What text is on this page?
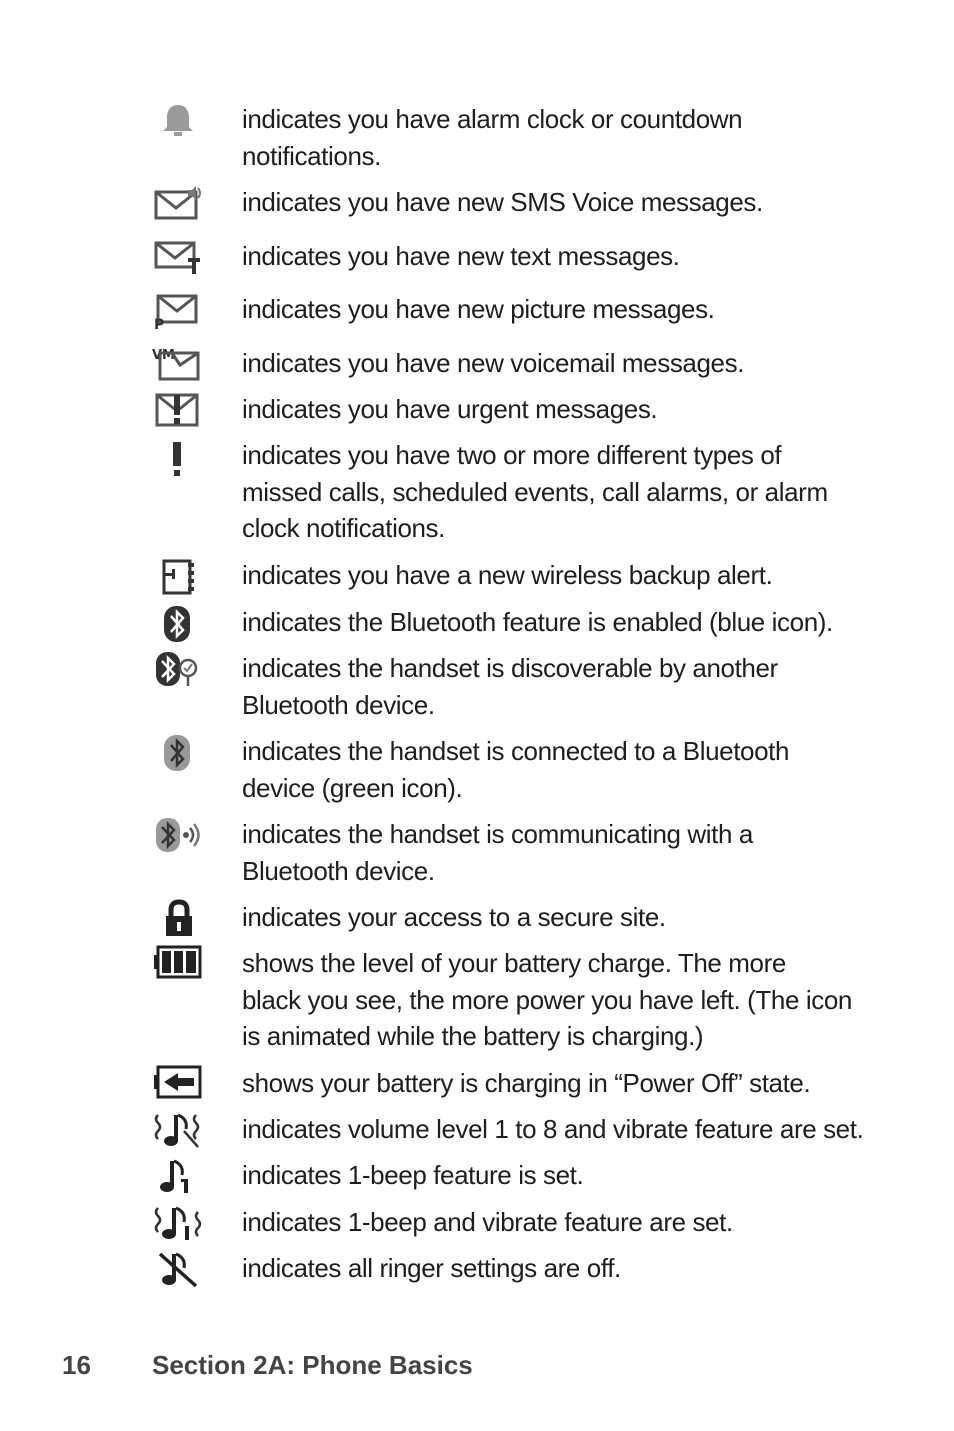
indicates you have alarm clock or countdown
notifications.
indicates you have new SMS Voice messages.
indicates you have new text messages.
P
indicates you have new picture messages.
VM	indicates you have new voicemail messages.
indicates you have urgent messages.
indicates you have two or more different types of
missed calls, scheduled events, call alarms, or alarm
clock notifications.
indicates you have a new wireless backup alert.
indicates the Bluetooth feature is enabled (blue icon).
indicates the handset is discoverable by another
Bluetooth device.
indicates the handset is connected to a Bluetooth
device (green icon).
indicates the handset is communicating with a
Bluetooth device.
indicates your access to a secure site.
shows the level of your battery charge. The more
black you see, the more power you have left. (The icon
is animated while the battery is charging.)
shows your battery is charging in “Power Off” state.
indicates volume level 1 to 8 and vibrate feature are set.
indicates 1-beep feature is set.
indicates 1-beep and vibrate feature are set.
indicates all ringer settings are off.
16 Section 2A: Phone Basics
